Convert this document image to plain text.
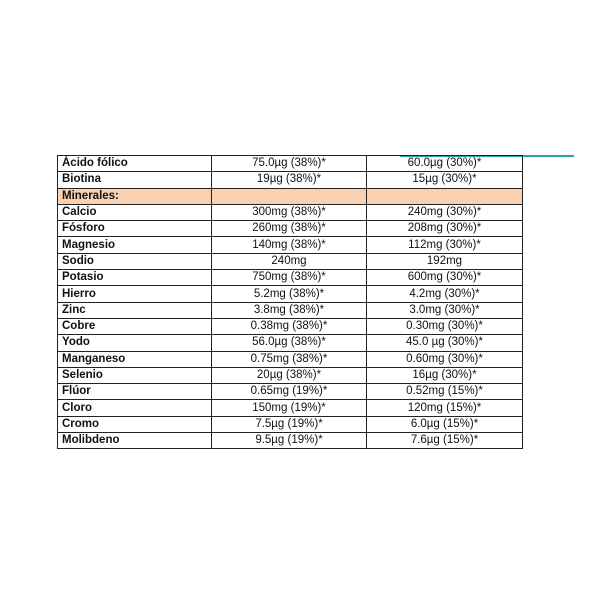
Ácido fólico	75.0µg (38%)*	60.0µg (30%)*
Biotina	19µg (38%)*	15µg (30%)*
Minerales:		
Calcio	300mg (38%)*	240mg (30%)*
Fósforo	260mg (38%)*	208mg (30%)*
Magnesio	140mg (38%)*	112mg (30%)*
Sodio	240mg	192mg
Potasio	750mg (38%)*	600mg (30%)*
Hierro	5.2mg (38%)*	4.2mg (30%)*
Zinc	3.8mg (38%)*	3.0mg (30%)*
Cobre	0.38mg (38%)*	0.30mg (30%)*
Yodo	56.0µg (38%)*	45.0 µg (30%)*
Manganeso	0.75mg (38%)*	0.60mg (30%)*
Selenio	20µg (38%)*	16µg (30%)*
Flúor	0.65mg (19%)*	0.52mg (15%)*
Cloro	150mg (19%)*	120mg (15%)*
Cromo	7.5µg (19%)*	6.0µg (15%)*
Molibdeno	9.5µg (19%)*	7.6µg (15%)*
